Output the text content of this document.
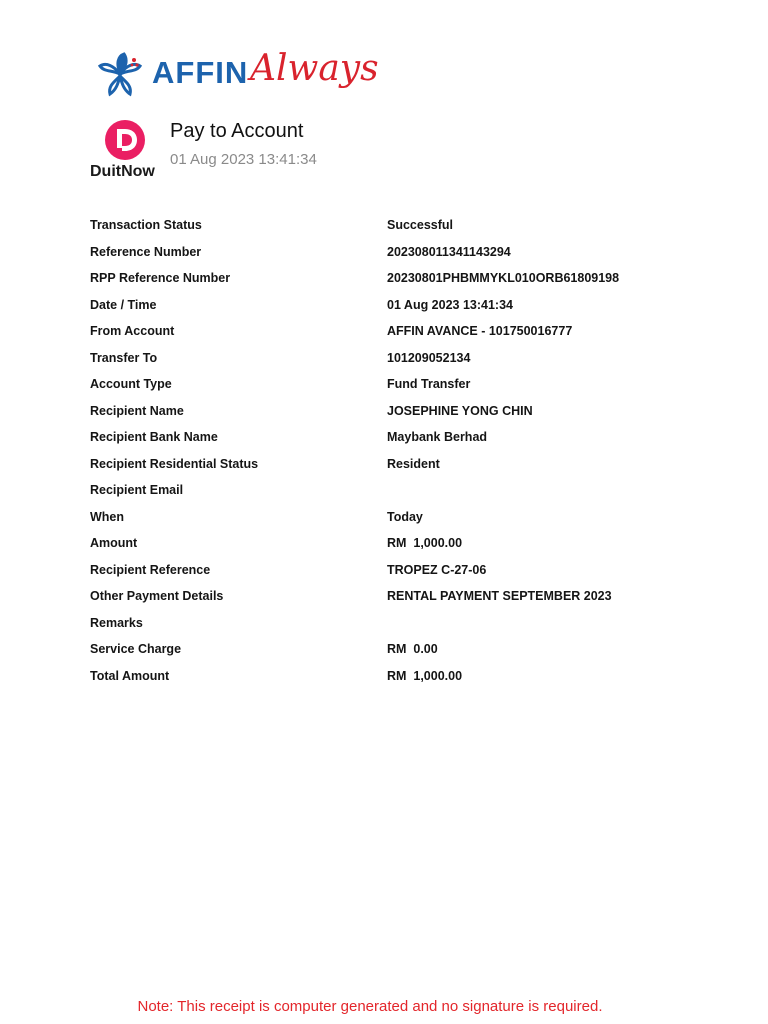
AFFIN Always
DuitNow
Pay to Account
01 Aug 2023 13:41:34
Transaction Status	Successful
Reference Number	202308011341143294
RPP Reference Number	20230801PHBMMYKL010ORB61809198
Date / Time	01 Aug 2023 13:41:34
From Account	AFFIN AVANCE - 101750016777
Transfer To	101209052134
Account Type	Fund Transfer
Recipient Name	JOSEPHINE YONG CHIN
Recipient Bank Name	Maybank Berhad
Recipient Residential Status	Resident
Recipient Email
When	Today
Amount	RM  1,000.00
Recipient Reference	TROPEZ C-27-06
Other Payment Details	RENTAL PAYMENT SEPTEMBER 2023
Remarks
Service Charge	RM  0.00
Total Amount	RM  1,000.00
Note: This receipt is computer generated and no signature is required.
